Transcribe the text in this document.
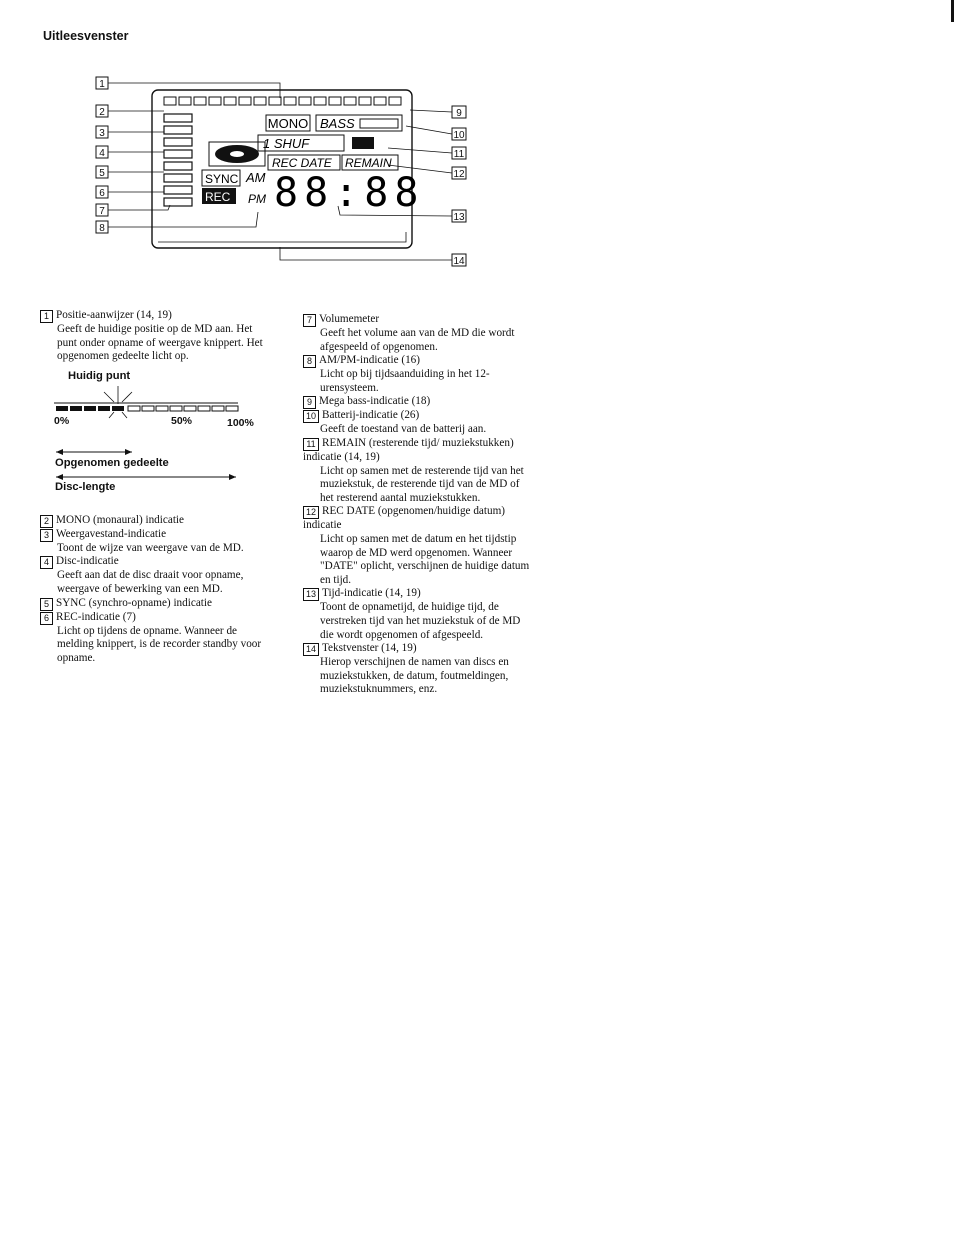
Uitleesvenster
1
2
3
4
5
6
7
8
9
10
11
12
13
14
MONO BASS
1 SHUF
REC DATE REMAIN
SYNC
REC
AM
PM 88:88

1 Positie-aanwijzer (14, 19)

Geeft de huidige positie op de MD aan. Het punt onder opname of weergave knippert. Het opgenomen gedeelte licht op.

Huidig punt
0%	50%	100%
Opgenomen gedeelte
Disc-lengte

2 MONO (monaural) indicatie

3 Weergavestand-indicatie

Toont de wijze van weergave van de MD.

4 Disc-indicatie

Geeft aan dat de disc draait voor opname, weergave of bewerking van een MD.

5 SYNC (synchro-opname) indicatie

6 REC-indicatie (7)

Licht op tijdens de opname. Wanneer de melding knippert, is de recorder standby voor opname.

7 Volumemeter

Geeft het volume aan van de MD die wordt afgespeeld of opgenomen.

8 AM/PM-indicatie (16)

Licht op bij tijdsaanduiding in het 12-urensysteem.

9 Mega bass-indicatie (18)

10 Batterij-indicatie (26)

Geeft de toestand van de batterij aan.

11 REMAIN (resterende tijd/ muziekstukken) indicatie (14, 19)

Licht op samen met de resterende tijd van het muziekstuk, de resterende tijd van de MD of het resterend aantal muziekstukken.

12 REC DATE (opgenomen/huidige datum) indicatie

Licht op samen met de datum en het tijdstip waarop de MD werd opgenomen. Wanneer "DATE" oplicht, verschijnen de huidige datum en tijd.

13 Tijd-indicatie (14, 19)

Toont de opnametijd, de huidige tijd, de verstreken tijd van het muziekstuk of de MD die wordt opgenomen of afgespeeld.

14 Tekstvenster (14, 19)

Hierop verschijnen de namen van discs en muziekstukken, de datum, foutmeldingen, muziekstuknummers, enz.
